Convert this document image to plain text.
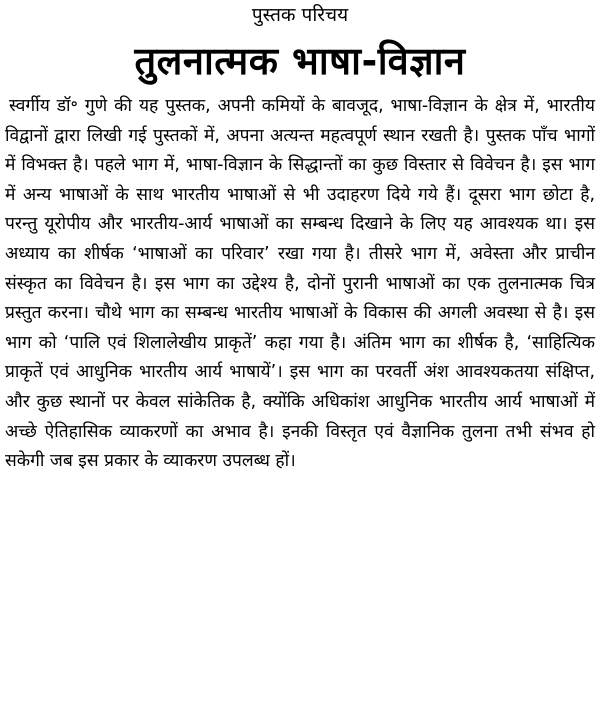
पुस्तक परिचय
तुलनात्मक भाषा-विज्ञान

स्वर्गीय डॉ॰ गुणे की यह पुस्तक, अपनी कमियों के बावजूद, भाषा-विज्ञान के क्षेत्र में, भारतीय विद्वानों द्वारा लिखी गई पुस्तकों में, अपना अत्यन्त महत्वपूर्ण स्थान रखती है। पुस्तक पाँच भागों में विभक्त है। पहले भाग में, भाषा-विज्ञान के सिद्धान्तों का कुछ विस्तार से विवेचन है। इस भाग में अन्य भाषाओं के साथ भारतीय भाषाओं से भी उदाहरण दिये गये हैं। दूसरा भाग छोटा है, परन्तु यूरोपीय और भारतीय-आर्य भाषाओं का सम्बन्ध दिखाने के लिए यह आवश्यक था। इस अध्याय का शीर्षक ‘भाषाओं का परिवार’ रखा गया है। तीसरे भाग में, अवेस्ता और प्राचीन संस्कृत का विवेचन है। इस भाग का उद्देश्य है, दोनों पुरानी भाषाओं का एक तुलनात्मक चित्र प्रस्तुत करना। चौथे भाग का सम्बन्ध भारतीय भाषाओं के विकास की अगली अवस्था से है। इस भाग को ‘पालि एवं शिलालेखीय प्राकृतें’ कहा गया है। अंतिम भाग का शीर्षक है, ‘साहित्यिक प्राकृतें एवं आधुनिक भारतीय आर्य भाषायें’। इस भाग का परवर्ती अंश आवश्यकतया संक्षिप्त, और कुछ स्थानों पर केवल सांकेतिक है, क्योंकि अधिकांश आधुनिक भारतीय आर्य भाषाओं में अच्छे ऐतिहासिक व्याकरणों का अभाव है। इनकी विस्तृत एवं वैज्ञानिक तुलना तभी संभव हो सकेगी जब इस प्रकार के व्याकरण उपलब्ध हों।
